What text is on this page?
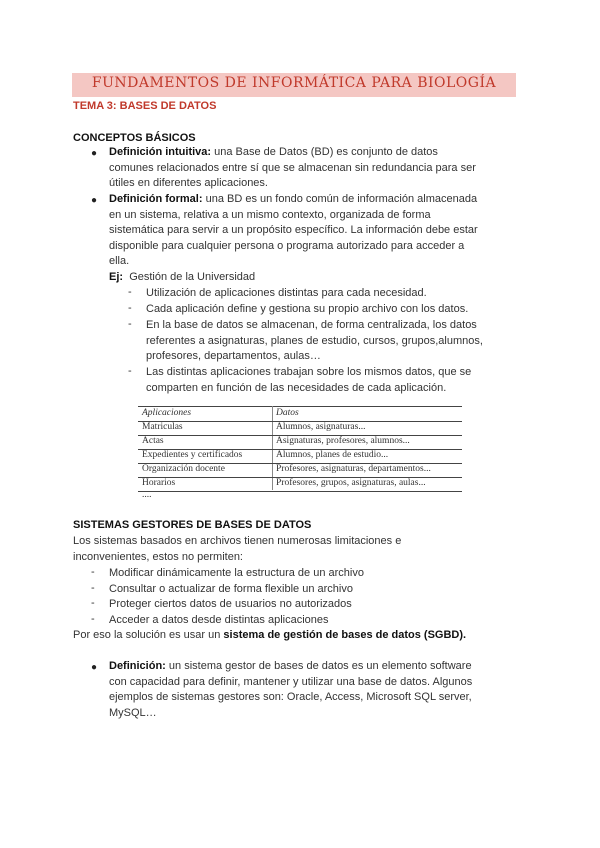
FUNDAMENTOS DE INFORMÁTICA PARA BIOLOGÍA
TEMA 3: BASES DE DATOS
CONCEPTOS BÁSICOS
● Definición intuitiva: una Base de Datos (BD) es conjunto de datos
comunes relacionados entre sí que se almacenan sin redundancia para ser
útiles en diferentes aplicaciones.
● Definición formal: una BD es un fondo común de información almacenada
en un sistema, relativa a un mismo contexto, organizada de forma
sistemática para servir a un propósito específico. La información debe estar
disponible para cualquier persona o programa autorizado para acceder a
ella.
Ej: Gestión de la Universidad
- Utilización de aplicaciones distintas para cada necesidad.
- Cada aplicación define y gestiona su propio archivo con los datos.
- En la base de datos se almacenan, de forma centralizada, los datos
referentes a asignaturas, planes de estudio, cursos, grupos,alumnos,
profesores, departamentos, aulas…
- Las distintas aplicaciones trabajan sobre los mismos datos, que se
comparten en función de las necesidades de cada aplicación.
Aplicaciones	Datos
Matriculas	Alumnos, asignaturas...
Actas	Asignaturas, profesores, alumnos...
Expedientes y certificados	Alumnos, planes de estudio...
Organización docente	Profesores, asignaturas, departamentos...
Horarios	Profesores, grupos, asignaturas, aulas...
....
SISTEMAS GESTORES DE BASES DE DATOS
Los sistemas basados en archivos tienen numerosas limitaciones e
inconvenientes, estos no permiten:
- Modificar dinámicamente la estructura de un archivo
- Consultar o actualizar de forma flexible un archivo
- Proteger ciertos datos de usuarios no autorizados
- Acceder a datos desde distintas aplicaciones
Por eso la solución es usar un sistema de gestión de bases de datos (SGBD).
● Definición: un sistema gestor de bases de datos es un elemento software
con capacidad para definir, mantener y utilizar una base de datos. Algunos
ejemplos de sistemas gestores son: Oracle, Access, Microsoft SQL server,
MySQL…
